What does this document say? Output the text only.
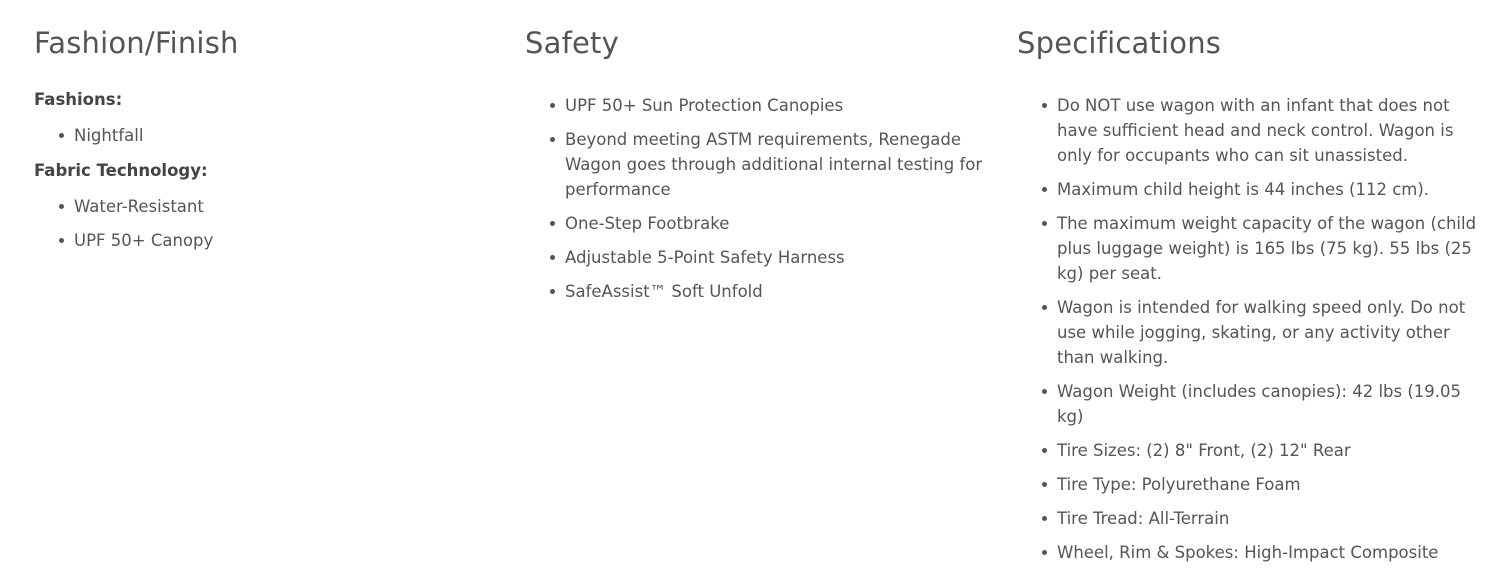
Fashion/Finish
Fashions:
Nightfall
Fabric Technology:
Water-Resistant
UPF 50+ Canopy
Safety
UPF 50+ Sun Protection Canopies
Beyond meeting ASTM requirements, Renegade Wagon goes through additional internal testing for performance
One-Step Footbrake
Adjustable 5-Point Safety Harness
SafeAssist™ Soft Unfold
Specifications
Do NOT use wagon with an infant that does not have sufficient head and neck control. Wagon is only for occupants who can sit unassisted.
Maximum child height is 44 inches (112 cm).
The maximum weight capacity of the wagon (child plus luggage weight) is 165 lbs (75 kg). 55 lbs (25 kg) per seat.
Wagon is intended for walking speed only. Do not use while jogging, skating, or any activity other than walking.
Wagon Weight (includes canopies): 42 lbs (19.05 kg)
Tire Sizes: (2) 8" Front, (2) 12" Rear
Tire Type: Polyurethane Foam
Tire Tread: All-Terrain
Wheel, Rim & Spokes: High-Impact Composite
